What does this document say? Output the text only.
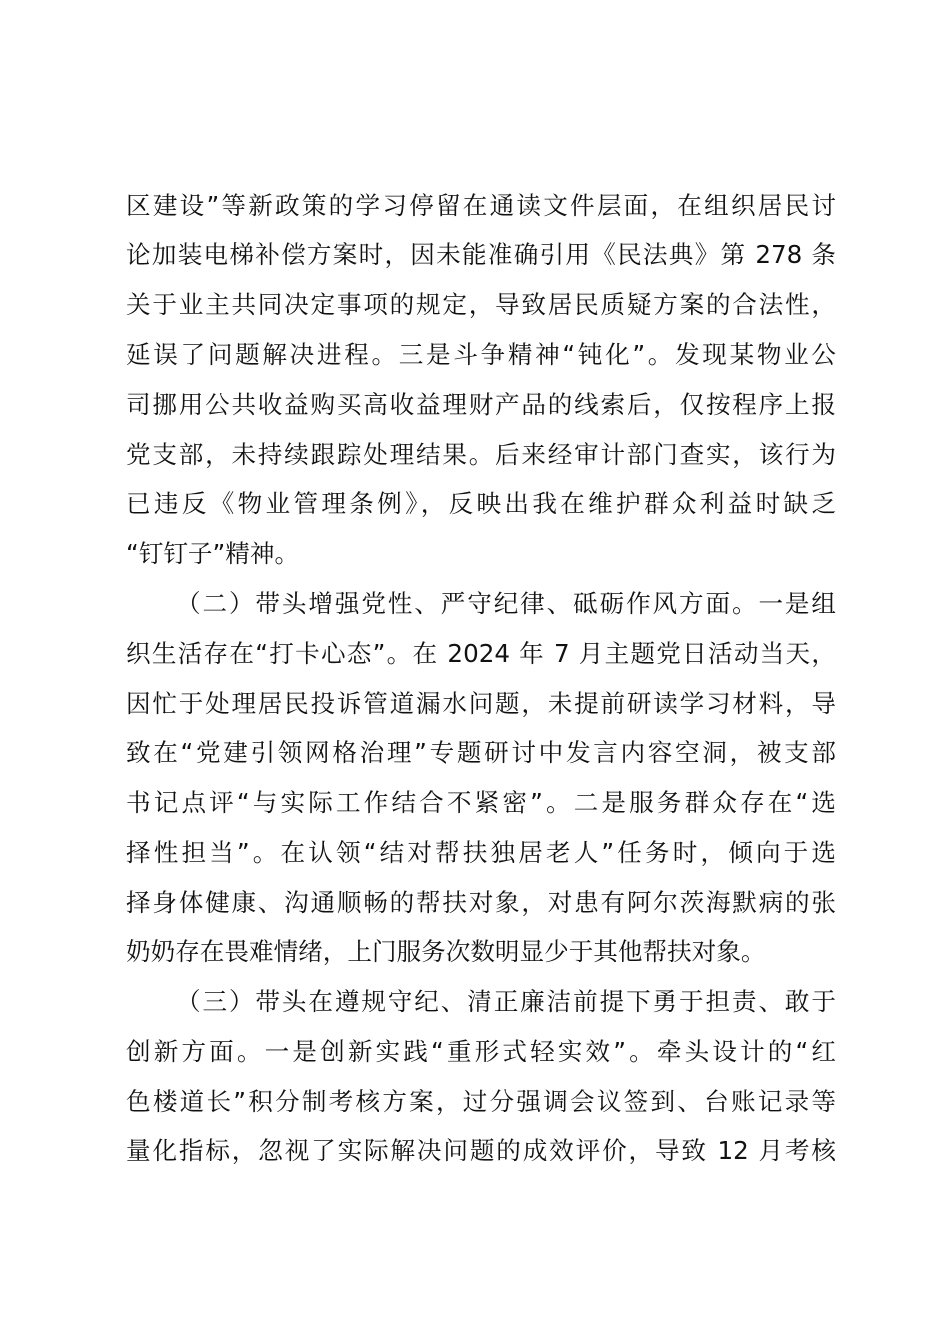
区建设”等新政策的学习停留在通读文件层面，在组织居民讨
论加装电梯补偿方案时，因未能准确引用《民法典》第 278 条
关于业主共同决定事项的规定，导致居民质疑方案的合法性，
延误了问题解决进程。三是斗争精神“钝化”。发现某物业公
司挪用公共收益购买高收益理财产品的线索后，仅按程序上报
党支部，未持续跟踪处理结果。后来经审计部门查实，该行为
已违反《物业管理条例》，反映出我在维护群众利益时缺乏
“钉钉子”精神。
（二）带头增强党性、严守纪律、砥砺作风方面。一是组
织生活存在“打卡心态”。在 2024 年 7 月主题党日活动当天，
因忙于处理居民投诉管道漏水问题，未提前研读学习材料，导
致在“党建引领网格治理”专题研讨中发言内容空洞，被支部
书记点评“与实际工作结合不紧密”。二是服务群众存在“选
择性担当”。在认领“结对帮扶独居老人”任务时，倾向于选
择身体健康、沟通顺畅的帮扶对象，对患有阿尔茨海默病的张
奶奶存在畏难情绪，上门服务次数明显少于其他帮扶对象。
（三）带头在遵规守纪、清正廉洁前提下勇于担责、敢于
创新方面。一是创新实践“重形式轻实效”。牵头设计的“红
色楼道长”积分制考核方案，过分强调会议签到、台账记录等
量化指标，忽视了实际解决问题的成效评价，导致 12 月考核
